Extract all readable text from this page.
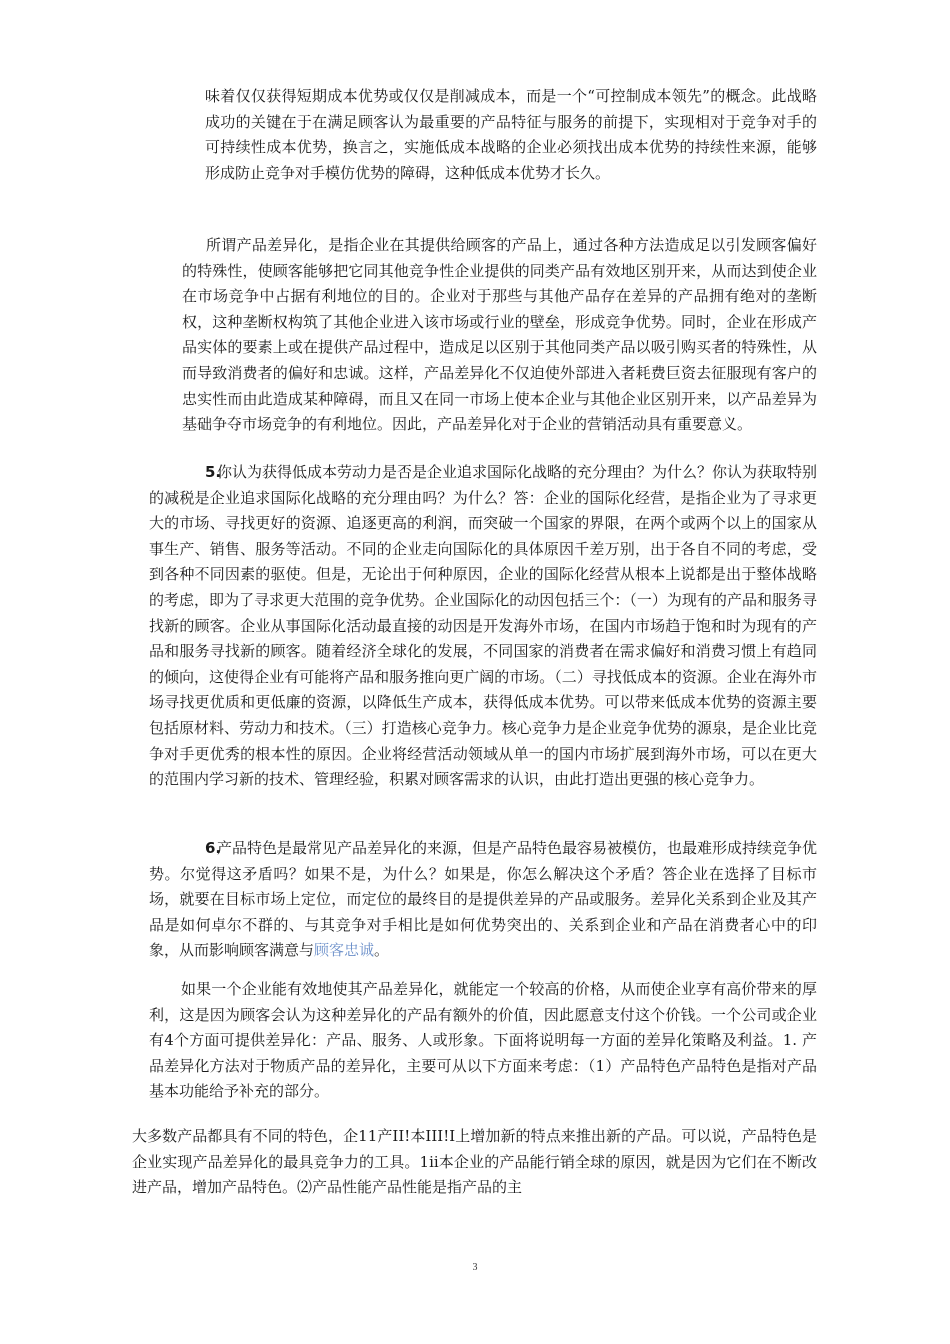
味着仅仅获得短期成本优势或仅仅是削减成本，而是一个“可控制成本领先”的概念。此战略成功的关键在于在满足顾客认为最重要的产品特征与服务的前提下，实现相对于竞争对手的可持续性成本优势，换言之，实施低成本战略的企业必须找出成本优势的持续性来源，能够形成防止竞争对手模仿优势的障碍，这种低成本优势才长久。

所谓产品差异化，是指企业在其提供给顾客的产品上，通过各种方法造成足以引发顾客偏好的特殊性，使顾客能够把它同其他竞争性企业提供的同类产品有效地区别开来，从而达到使企业在市场竞争中占据有利地位的目的。企业对于那些与其他产品存在差异的产品拥有绝对的垄断权，这种垄断权构筑了其他企业进入该市场或行业的壁垒，形成竞争优势。同时，企业在形成产品实体的要素上或在提供产品过程中，造成足以区别于其他同类产品以吸引购买者的特殊性，从而导致消费者的偏好和忠诚。这样，产品差异化不仅迫使外部进入者耗费巨资去征服现有客户的忠实性而由此造成某种障碍，而且又在同一市场上使本企业与其他企业区别开来，以产品差异为基础争夺市场竞争的有利地位。因此，产品差异化对于企业的营销活动具有重要意义。

5.你认为获得低成本劳动力是否是企业追求国际化战略的充分理由？为什么？你认为获取特别的减税是企业追求国际化战略的充分理由吗？为什么？答：企业的国际化经营，是指企业为了寻求更大的市场、寻找更好的资源、追逐更高的利润，而突破一个国家的界限，在两个或两个以上的国家从事生产、销售、服务等活动。不同的企业走向国际化的具体原因千差万别，出于各自不同的考虑，受到各种不同因素的驱使。但是，无论出于何种原因，企业的国际化经营从根本上说都是出于整体战略的考虑，即为了寻求更大范围的竞争优势。企业国际化的动因包括三个：（一）为现有的产品和服务寻找新的顾客。企业从事国际化活动最直接的动因是开发海外市场，在国内市场趋于饱和时为现有的产品和服务寻找新的顾客。随着经济全球化的发展，不同国家的消费者在需求偏好和消费习惯上有趋同的倾向，这使得企业有可能将产品和服务推向更广阔的市场。（二）寻找低成本的资源。企业在海外市场寻找更优质和更低廉的资源，以降低生产成本，获得低成本优势。可以带来低成本优势的资源主要包括原材料、劳动力和技术。（三）打造核心竞争力。核心竞争力是企业竞争优势的源泉，是企业比竞争对手更优秀的根本性的原因。企业将经营活动领域从单一的国内市场扩展到海外市场，可以在更大的范围内学习新的技术、管理经验，积累对顾客需求的认识，由此打造出更强的核心竞争力。

6.产品特色是最常见产品差异化的来源，但是产品特色最容易被模仿，也最难形成持续竞争优势。尔觉得这矛盾吗？如果不是，为什么？如果是，你怎么解决这个矛盾？答企业在选择了目标市场，就要在目标市场上定位，而定位的最终目的是提供差异的产品或服务。差异化关系到企业及其产品是如何卓尔不群的、与其竞争对手相比是如何优势突出的、关系到企业和产品在消费者心中的印象，从而影响顾客满意与顾客忠诚。

如果一个企业能有效地使其产品差异化，就能定一个较高的价格，从而使企业享有高价带来的厚利，这是因为顾客会认为这种差异化的产品有额外的价值，因此愿意支付这个价钱。一个公司或企业有4个方面可提供差异化：产品、服务、人或形象。下面将说明每一方面的差异化策略及利益。1. 产品差异化方法对于物质产品的差异化，主要可从以下方面来考虑：（1）产品特色产品特色是指对产品基本功能给予补充的部分。

大多数产品都具有不同的特色，企11产II!本III!I上增加新的特点来推出新的产品。可以说，产品特色是企业实现产品差异化的最具竞争力的工具。1ii本企业的产品能行销全球的原因，就是因为它们在不断改进产品，增加产品特色。⑵产品性能产品性能是指产品的主

3
